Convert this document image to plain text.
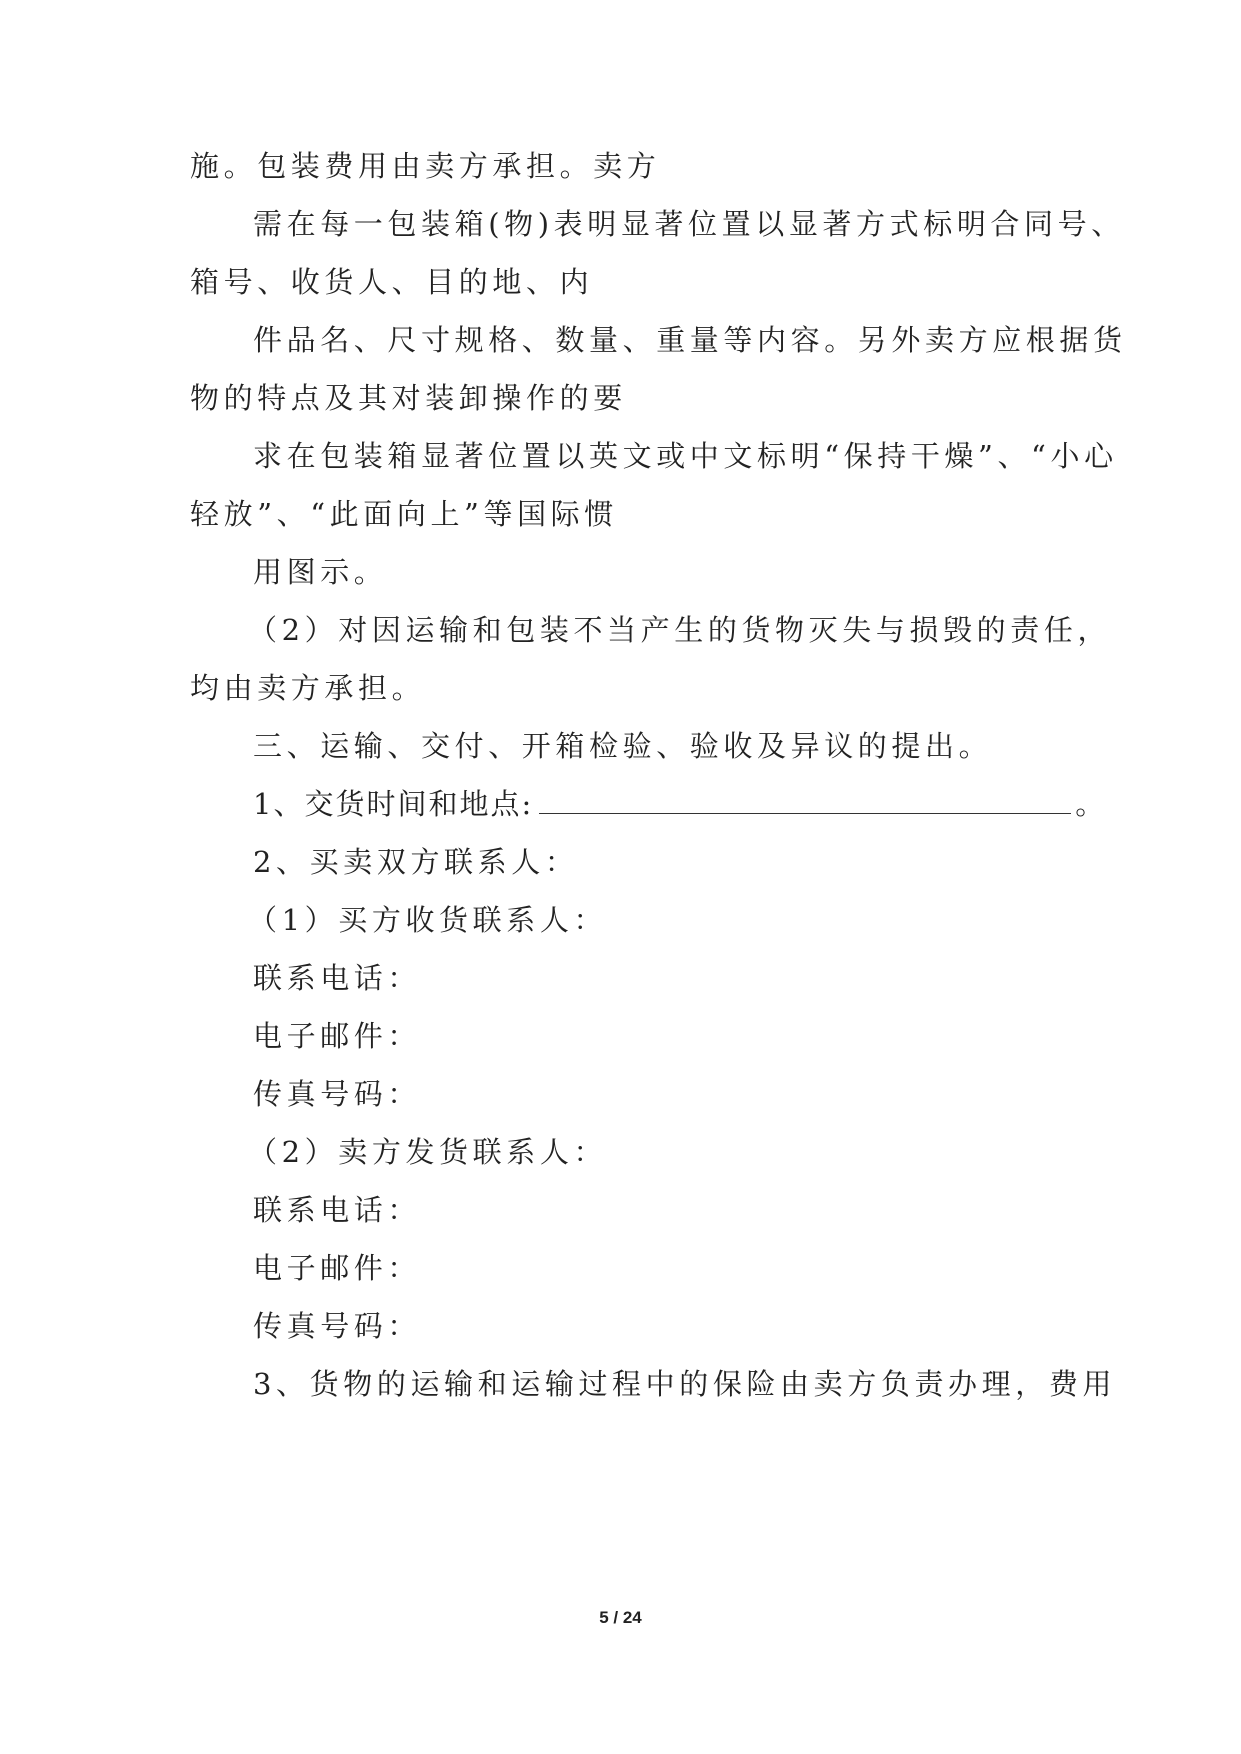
施。包装费用由卖方承担。卖方
需在每一包装箱(物)表明显著位置以显著方式标明合同号、
箱号、收货人、目的地、内
件品名、尺寸规格、数量、重量等内容。另外卖方应根据货
物的特点及其对装卸操作的要
求在包装箱显著位置以英文或中文标明“保持干燥”、“小心
轻放”、“此面向上”等国际惯
用图示。
（2）对因运输和包装不当产生的货物灭失与损毁的责任，
均由卖方承担。
三、运输、交付、开箱检验、验收及异议的提出。
1、交货时间和地点:	。
2、买卖双方联系人：
（1）买方收货联系人：
联系电话：
电子邮件：
传真号码：
（2）卖方发货联系人：
联系电话：
电子邮件：
传真号码：
3、货物的运输和运输过程中的保险由卖方负责办理，费用
5 / 24
